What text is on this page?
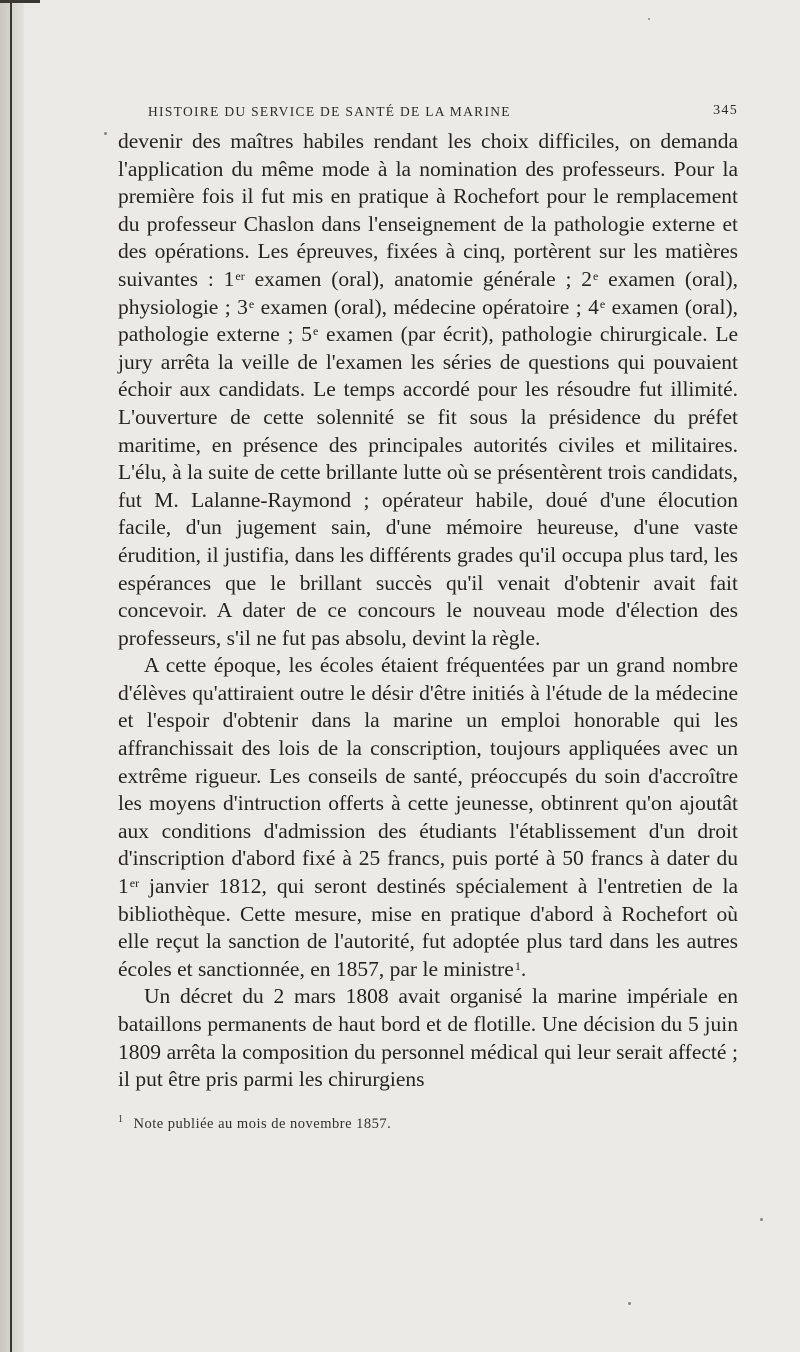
HISTOIRE DU SERVICE DE SANTÉ DE LA MARINE	345

devenir des maîtres habiles rendant les choix difficiles, on demanda l'application du même mode à la nomination des professeurs. Pour la première fois il fut mis en pratique à Rochefort pour le remplacement du professeur Chaslon dans l'enseignement de la pathologie externe et des opérations. Les épreuves, fixées à cinq, portèrent sur les matières suivantes : 1er examen (oral), anatomie générale ; 2e examen (oral), physiologie ; 3e examen (oral), médecine opératoire ; 4e examen (oral), pathologie externe ; 5e examen (par écrit), pathologie chirurgicale. Le jury arrêta la veille de l'examen les séries de questions qui pouvaient échoir aux candidats. Le temps accordé pour les résoudre fut illimité. L'ouverture de cette solennité se fit sous la présidence du préfet maritime, en présence des principales autorités civiles et militaires. L'élu, à la suite de cette brillante lutte où se présentèrent trois candidats, fut M. Lalanne-Raymond ; opérateur habile, doué d'une élocution facile, d'un jugement sain, d'une mémoire heureuse, d'une vaste érudition, il justifia, dans les différents grades qu'il occupa plus tard, les espérances que le brillant succès qu'il venait d'obtenir avait fait concevoir. A dater de ce concours le nouveau mode d'élection des professeurs, s'il ne fut pas absolu, devint la règle.

A cette époque, les écoles étaient fréquentées par un grand nombre d'élèves qu'attiraient outre le désir d'être initiés à l'étude de la médecine et l'espoir d'obtenir dans la marine un emploi honorable qui les affranchissait des lois de la conscription, toujours appliquées avec un extrême rigueur. Les conseils de santé, préoccupés du soin d'accroître les moyens d'intruction offerts à cette jeunesse, obtinrent qu'on ajoutât aux conditions d'admission des étudiants l'établissement d'un droit d'inscription d'abord fixé à 25 francs, puis porté à 50 francs à dater du 1er janvier 1812, qui seront destinés spécialement à l'entretien de la bibliothèque. Cette mesure, mise en pratique d'abord à Rochefort où elle reçut la sanction de l'autorité, fut adoptée plus tard dans les autres écoles et sanctionnée, en 1857, par le ministre$^1$.

Un décret du 2 mars 1808 avait organisé la marine impériale en bataillons permanents de haut bord et de flotille. Une décision du 5 juin 1809 arrêta la composition du personnel médical qui leur serait affecté ; il put être pris parmi les chirurgiens

$^1$ Note publiée au mois de novembre 1857.
